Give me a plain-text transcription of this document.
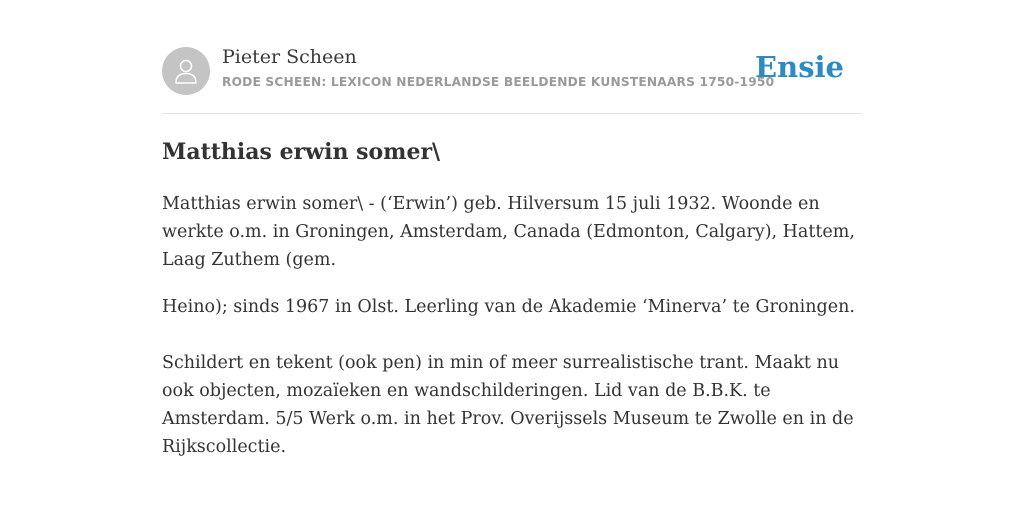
Pieter Scheen
RODE SCHEEN: LEXICON NEDERLANDSE BEELDENDE KUNSTENAARS 1750-1950
Ensie
Matthias erwin somer\

Matthias erwin somer\ - (‘Erwin’) geb. Hilversum 15 juli 1932. Woonde en werkte o.m. in Groningen, Amsterdam, Canada (Edmonton, Calgary), Hattem, Laag Zuthem (gem.

Heino); sinds 1967 in Olst. Leerling van de Akademie ‘Minerva’ te Groningen.

Schildert en tekent (ook pen) in min of meer surrealistische trant. Maakt nu ook objecten, mozaïeken en wandschilderingen. Lid van de B.B.K. te Amsterdam. 5/5 Werk o.m. in het Prov. Overijssels Museum te Zwolle en in de Rijkscollectie.
